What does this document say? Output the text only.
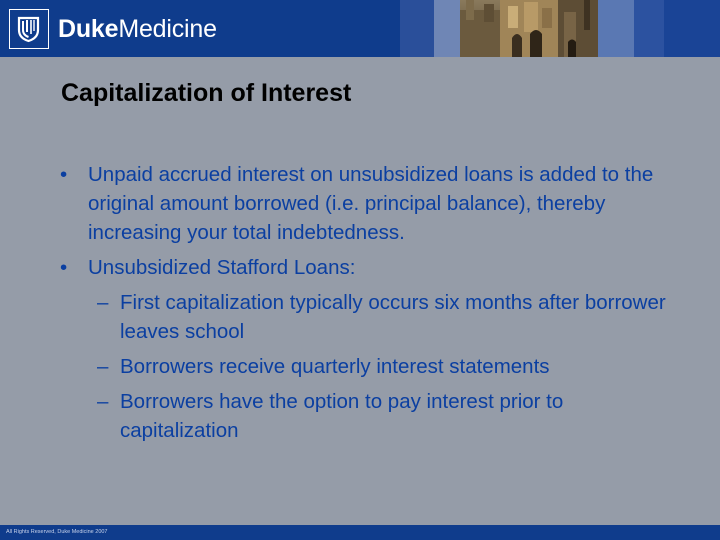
DukeMedicine
Capitalization of Interest
•	Unpaid accrued interest on unsubsidized loans is added to the original amount borrowed (i.e. principal balance), thereby increasing your total indebtedness.
•	Unsubsidized Stafford Loans:
– First capitalization typically occurs six months after borrower leaves school
– Borrowers receive quarterly interest statements
– Borrowers have the option to pay interest prior to capitalization
All Rights Reserved, Duke Medicine 2007
